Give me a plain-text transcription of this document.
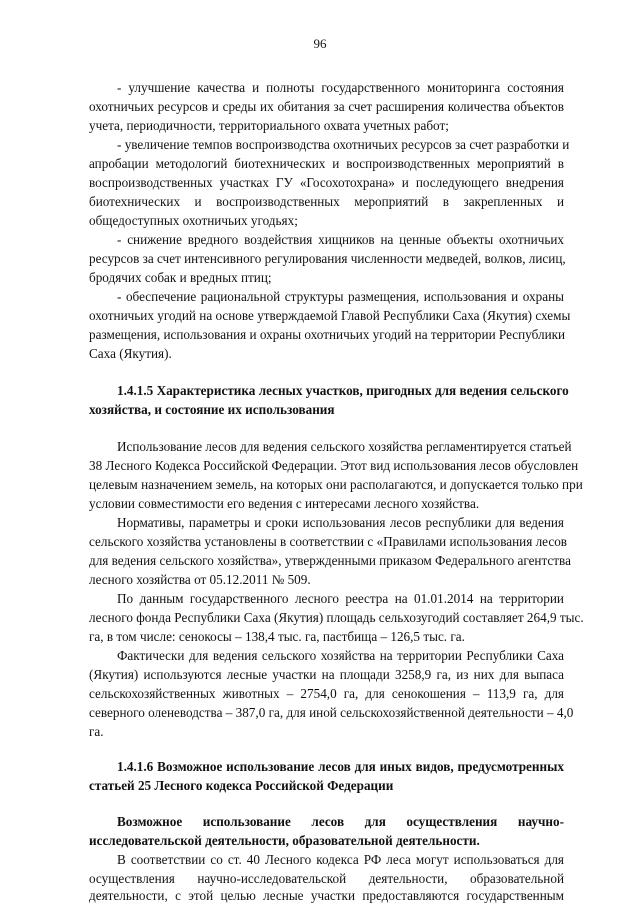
96
- улучшение качества и полноты государственного мониторинга состояния
охотничьих ресурсов и среды их обитания за счет расширения количества объектов
учета, периодичности, территориального охвата учетных работ;
- увеличение темпов воспроизводства охотничьих ресурсов за счет разработки и
апробации методологий биотехнических и воспроизводственных мероприятий в
воспроизводственных участках ГУ «Госохотохрана» и последующего внедрения
биотехнических и воспроизводственных мероприятий в закрепленных и
общедоступных охотничьих угодьях;
- снижение вредного воздействия хищников на ценные объекты охотничьих
ресурсов за счет интенсивного регулирования численности медведей, волков, лисиц,
бродячих собак и вредных птиц;
- обеспечение рациональной структуры размещения, использования и охраны
охотничьих угодий на основе утверждаемой Главой Республики Саха (Якутия) схемы
размещения, использования и охраны охотничьих угодий на территории Республики
Саха (Якутия).
1.4.1.5 Характеристика лесных участков, пригодных для ведения сельского
хозяйства, и состояние их использования
Использование лесов для ведения сельского хозяйства регламентируется статьей
38 Лесного Кодекса Российской Федерации. Этот вид использования лесов обусловлен
целевым назначением земель, на которых они располагаются, и допускается только при
условии совместимости его ведения с интересами лесного хозяйства.
Нормативы, параметры и сроки использования лесов республики для ведения
сельского хозяйства установлены в соответствии с «Правилами использования лесов
для ведения сельского хозяйства», утвержденными приказом Федерального агентства
лесного хозяйства от 05.12.2011 № 509.
По данным государственного лесного реестра на 01.01.2014 на территории
лесного фонда Республики Саха (Якутия) площадь сельхозугодий составляет 264,9 тыс.
га, в том числе: сенокосы – 138,4 тыс. га, пастбища – 126,5 тыс. га.
Фактически для ведения сельского хозяйства на территории Республики Саха
(Якутия) используются лесные участки на площади 3258,9 га, из них для выпаса
сельскохозяйственных животных – 2754,0 га, для сенокошения – 113,9 га, для
северного оленеводства – 387,0 га, для иной сельскохозяйственной деятельности – 4,0
га.
1.4.1.6 Возможное использование лесов для иных видов, предусмотренных
статьей 25 Лесного кодекса Российской Федерации
Возможное использование лесов для осуществления научно-
исследовательской деятельности, образовательной деятельности.
В соответствии со ст. 40 Лесного кодекса РФ леса могут использоваться для
осуществления научно-исследовательской деятельности, образовательной
деятельности, с этой целью лесные участки предоставляются государственным
